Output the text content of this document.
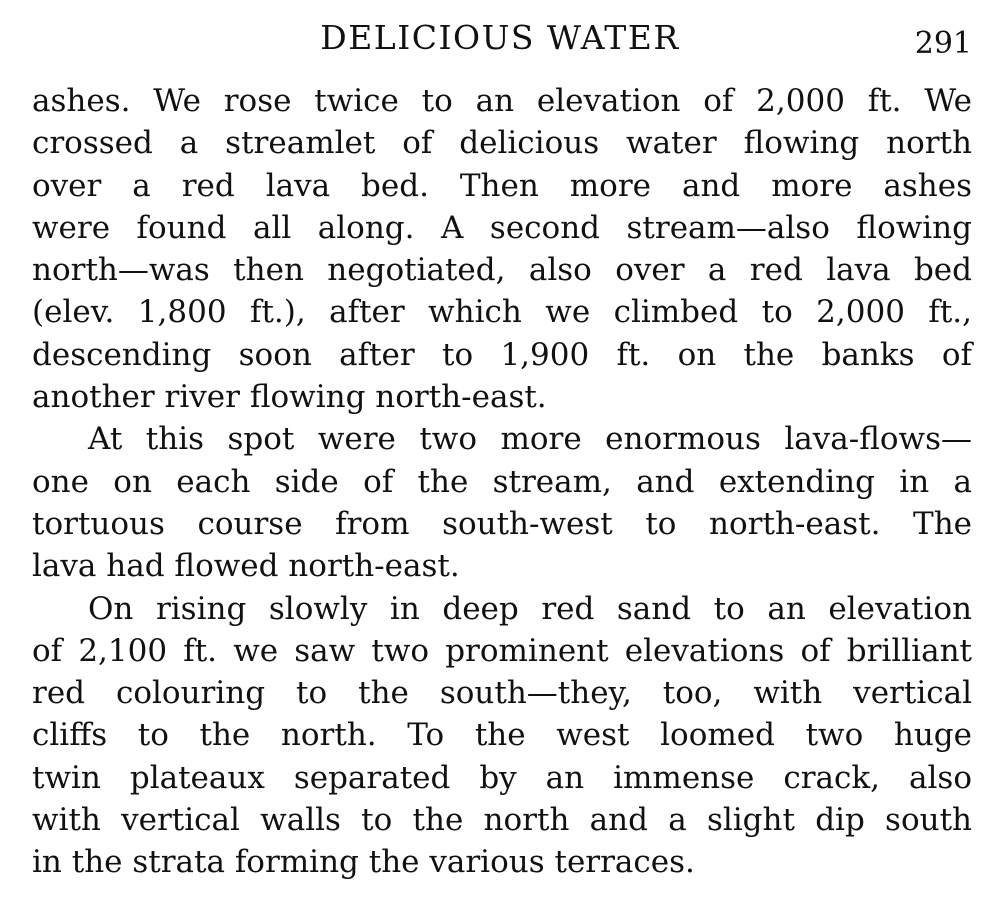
DELICIOUS WATER	291
ashes. We rose twice to an elevation of 2,000 ft. We
crossed a streamlet of delicious water flowing north
over a red lava bed. Then more and more ashes
were found all along. A second stream—also flowing
north—was then negotiated, also over a red lava bed
(elev. 1,800 ft.), after which we climbed to 2,000 ft.,
descending soon after to 1,900 ft. on the banks of
another river flowing north-east.
At this spot were two more enormous lava-flows—
one on each side of the stream, and extending in a
tortuous course from south-west to north-east. The
lava had flowed north-east.
On rising slowly in deep red sand to an elevation
of 2,100 ft. we saw two prominent elevations of brilliant
red colouring to the south—they, too, with vertical
cliffs to the north. To the west loomed two huge
twin plateaux separated by an immense crack, also
with vertical walls to the north and a slight dip south
in the strata forming the various terraces.
